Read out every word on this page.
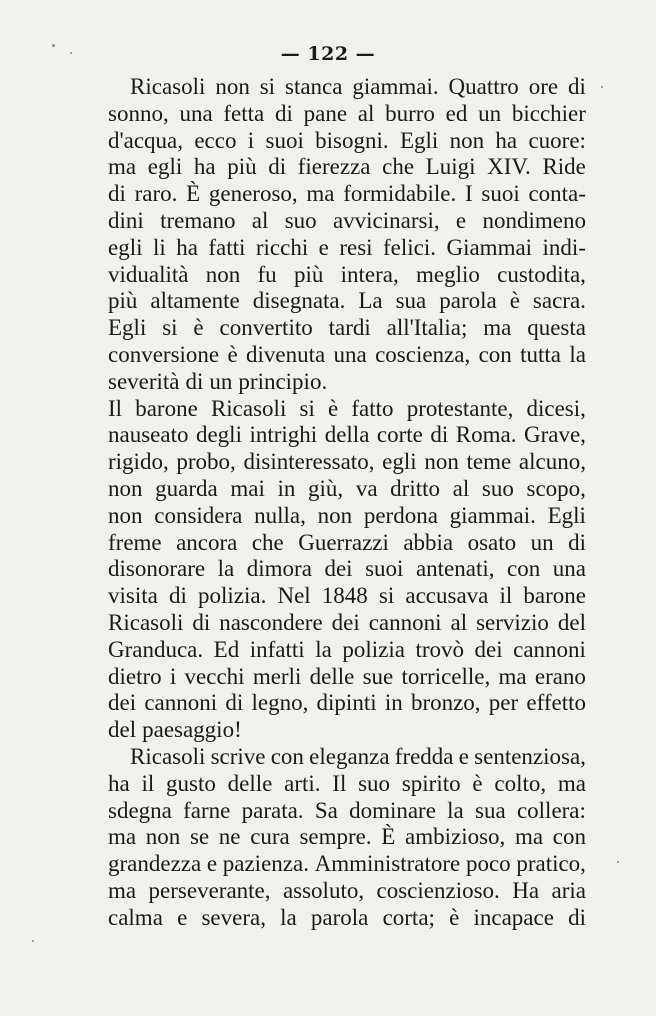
— 122 —
Ricasoli non si stanca giammai. Quattro ore di
sonno, una fetta di pane al burro ed un bicchier
d'acqua, ecco i suoi bisogni. Egli non ha cuore:
ma egli ha più di fierezza che Luigi XIV. Ride
di raro. È generoso, ma formidabile. I suoi conta-
dini tremano al suo avvicinarsi, e nondimeno
egli li ha fatti ricchi e resi felici. Giammai indi-
vidualità non fu più intera, meglio custodita,
più altamente disegnata. La sua parola è sacra.
Egli si è convertito tardi all'Italia; ma questa
conversione è divenuta una coscienza, con tutta la
severità di un principio.
Il barone Ricasoli si è fatto protestante, dicesi,
nauseato degli intrighi della corte di Roma. Grave,
rigido, probo, disinteressato, egli non teme alcuno,
non guarda mai in giù, va dritto al suo scopo,
non considera nulla, non perdona giammai. Egli
freme ancora che Guerrazzi abbia osato un di
disonorare la dimora dei suoi antenati, con una
visita di polizia. Nel 1848 si accusava il barone
Ricasoli di nascondere dei cannoni al servizio del
Granduca. Ed infatti la polizia trovò dei cannoni
dietro i vecchi merli delle sue torricelle, ma erano
dei cannoni di legno, dipinti in bronzo, per effetto
del paesaggio!
Ricasoli scrive con eleganza fredda e sentenziosa,
ha il gusto delle arti. Il suo spirito è colto, ma
sdegna farne parata. Sa dominare la sua collera:
ma non se ne cura sempre. È ambizioso, ma con
grandezza e pazienza. Amministratore poco pratico,
ma perseverante, assoluto, coscienzioso. Ha aria
calma e severa, la parola corta; è incapace di
